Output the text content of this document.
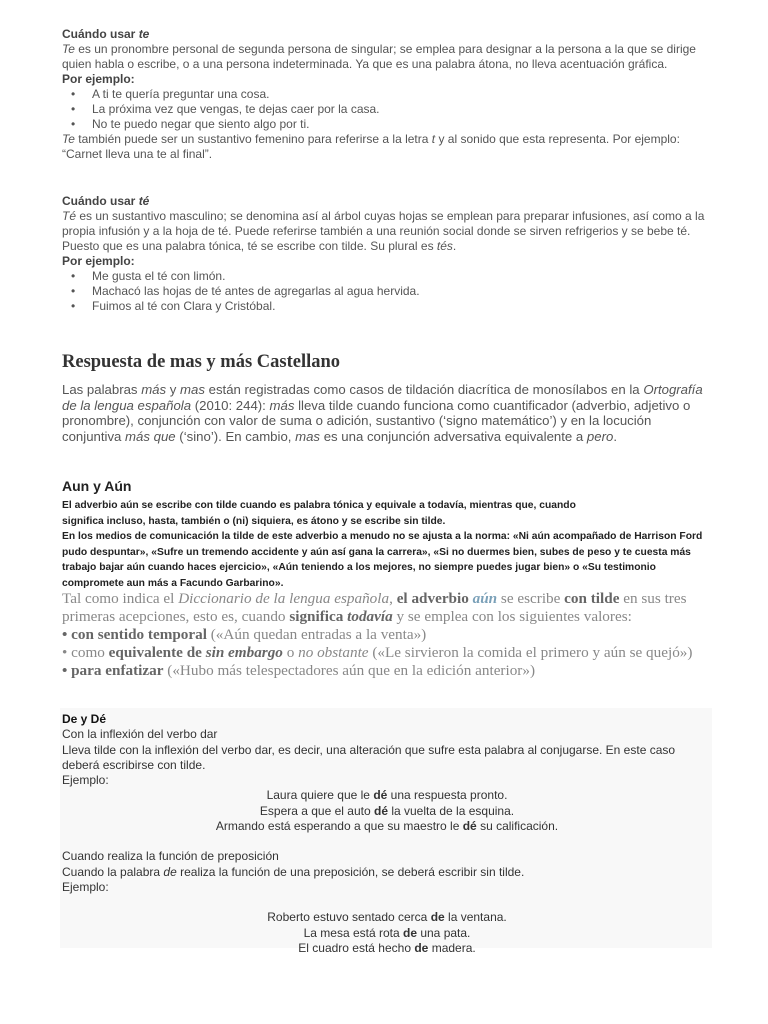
Cuándo usar te
Te es un pronombre personal de segunda persona de singular; se emplea para designar a la persona a la que se dirige quien habla o escribe, o a una persona indeterminada. Ya que es una palabra átona, no lleva acentuación gráfica.
Por ejemplo:
• A ti te quería preguntar una cosa.
• La próxima vez que vengas, te dejas caer por la casa.
• No te puedo negar que siento algo por ti.
Te también puede ser un sustantivo femenino para referirse a la letra t y al sonido que esta representa. Por ejemplo: “Carnet lleva una te al final”.
Cuándo usar té
Té es un sustantivo masculino; se denomina así al árbol cuyas hojas se emplean para preparar infusiones, así como a la propia infusión y a la hoja de té. Puede referirse también a una reunión social donde se sirven refrigerios y se bebe té. Puesto que es una palabra tónica, té se escribe con tilde. Su plural es tés.
Por ejemplo:
• Me gusta el té con limón.
• Machacó las hojas de té antes de agregarlas al agua hervida.
• Fuimos al té con Clara y Cristóbal.
Respuesta de mas y más Castellano
Las palabras más y mas están registradas como casos de tildación diacrítica de monosílabos en la Ortografía de la lengua española (2010: 244): más lleva tilde cuando funciona como cuantificador (adverbio, adjetivo o pronombre), conjunción con valor de suma o adición, sustantivo (‘signo matemático’) y en la locución conjuntiva más que (‘sino’). En cambio, mas es una conjunción adversativa equivalente a pero.
Aun y Aún
El adverbio aún se escribe con tilde cuando es palabra tónica y equivale a todavía, mientras que, cuando
significa incluso, hasta, también o (ni) siquiera, es átono y se escribe sin tilde.
En los medios de comunicación la tilde de este adverbio a menudo no se ajusta a la norma: «Ni aún acompañado de Harrison Ford pudo despuntar», «Sufre un tremendo accidente y aún así gana la carrera», «Si no duermes bien, subes de peso y te cuesta más trabajo bajar aún cuando haces ejercicio», «Aún teniendo a los mejores, no siempre puedes jugar bien» o «Su testimonio compromete aun más a Facundo Garbarino».
Tal como indica el Diccionario de la lengua española, el adverbio aún se escribe con tilde en sus tres primeras acepciones, esto es, cuando significa todavía y se emplea con los siguientes valores:
• con sentido temporal («Aún quedan entradas a la venta»)
• como equivalente de sin embargo o no obstante («Le sirvieron la comida el primero y aún se quejó»)
• para enfatizar («Hubo más telespectadores aún que en la edición anterior»)
De y Dé
Con la inflexión del verbo dar
Lleva tilde con la inflexión del verbo dar, es decir, una alteración que sufre esta palabra al conjugarse. En este caso deberá escribirse con tilde.
Ejemplo:
Laura quiere que le dé una respuesta pronto.
Espera a que el auto dé la vuelta de la esquina.
Armando está esperando a que su maestro le dé su calificación.
Cuando realiza la función de preposición
Cuando la palabra de realiza la función de una preposición, se deberá escribir sin tilde.
Ejemplo:
Roberto estuvo sentado cerca de la ventana.
La mesa está rota de una pata.
El cuadro está hecho de madera.
